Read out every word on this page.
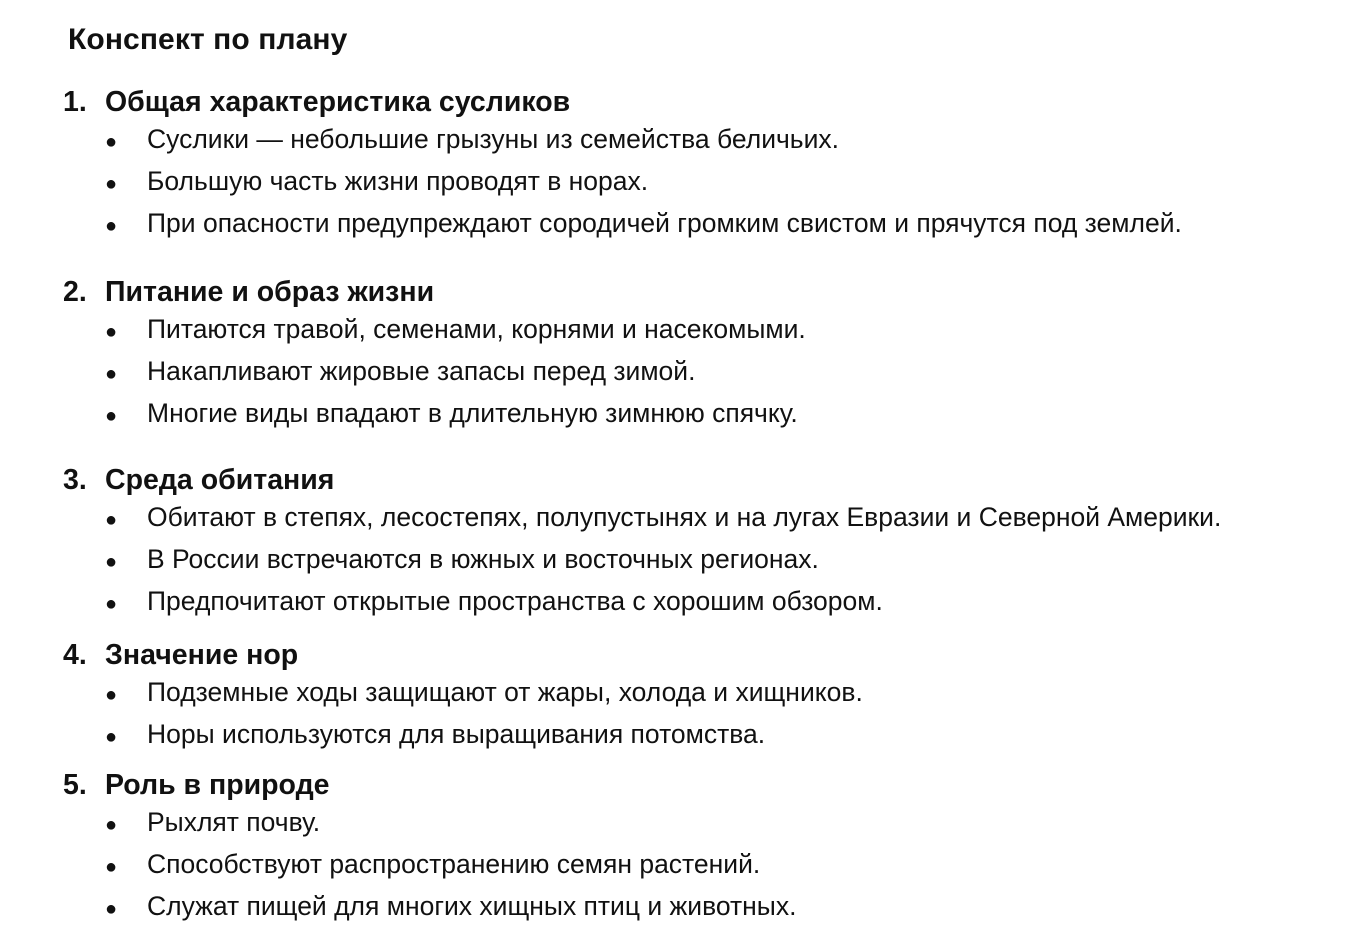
Конспект по плану
1. Общая характеристика сусликов
●	Суслики — небольшие грызуны из семейства беличьих.
●	Большую часть жизни проводят в норах.
●	При опасности предупреждают сородичей громким свистом и прячутся под землей.
2. Питание и образ жизни
●	Питаются травой, семенами, корнями и насекомыми.
●	Накапливают жировые запасы перед зимой.
●	Многие виды впадают в длительную зимнюю спячку.
3. Среда обитания
●	Обитают в степях, лесостепях, полупустынях и на лугах Евразии и Северной Америки.
●	В России встречаются в южных и восточных регионах.
●	Предпочитают открытые пространства с хорошим обзором.
4. Значение нор
●	Подземные ходы защищают от жары, холода и хищников.
●	Норы используются для выращивания потомства.
5. Роль в природе
●	Рыхлят почву.
●	Способствуют распространению семян растений.
●	Служат пищей для многих хищных птиц и животных.
